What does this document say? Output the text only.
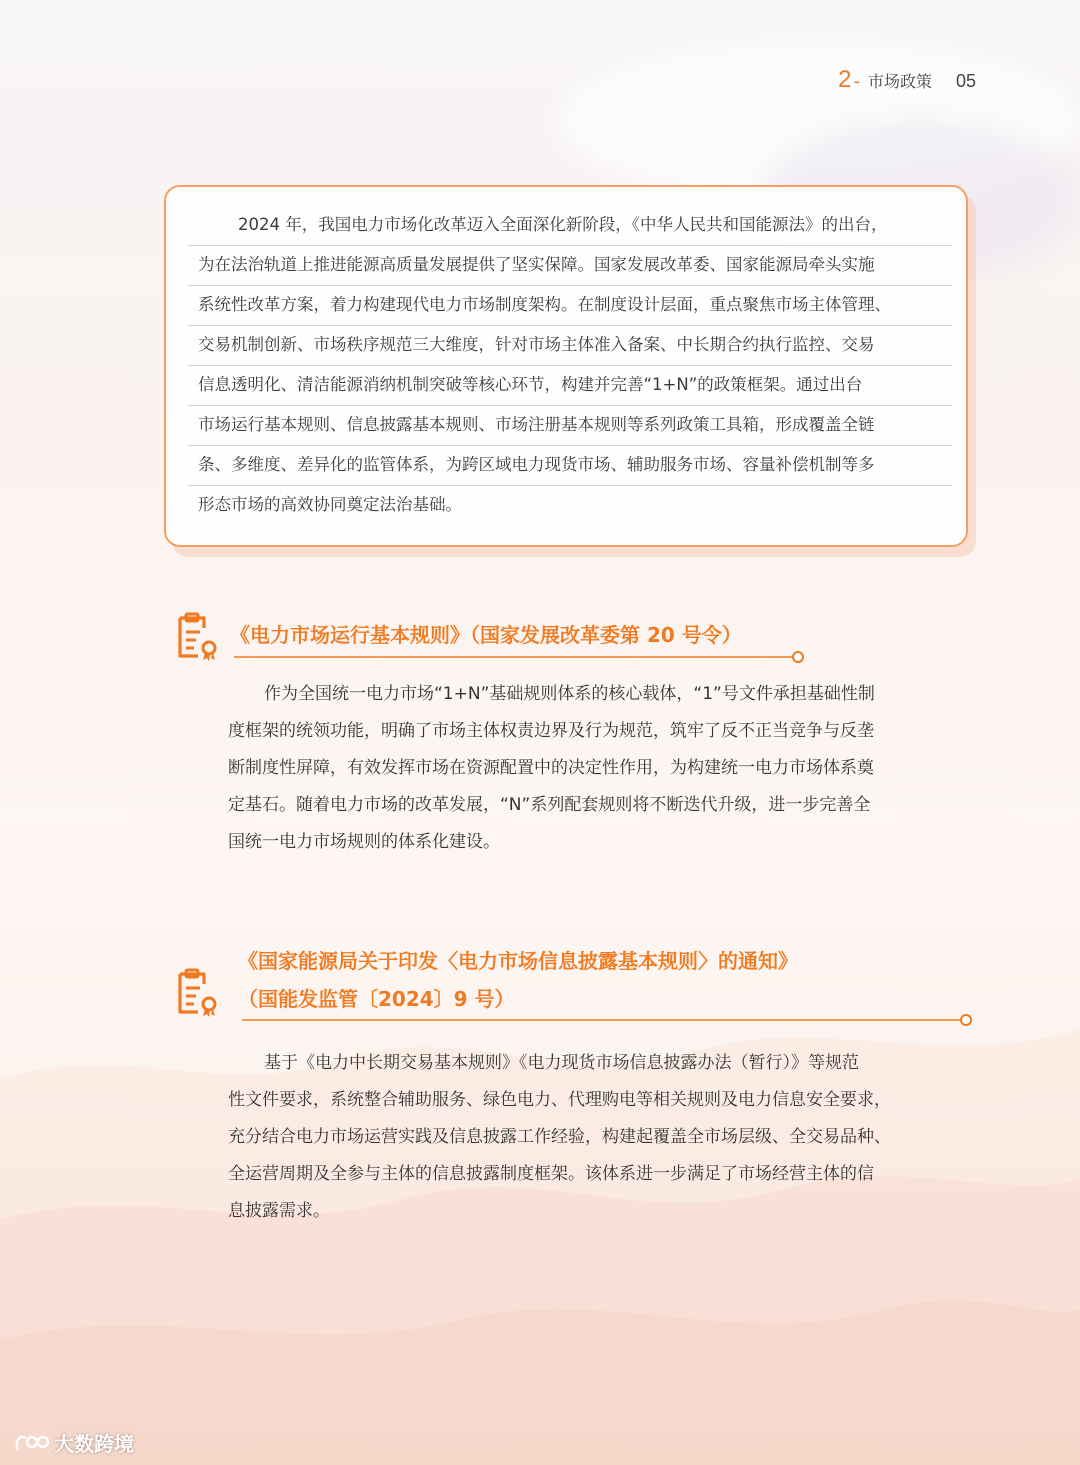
2 - 市场政策 05
2024 年，我国电力市场化改革迈入全面深化新阶段，《中华人民共和国能源法》的出台，
为在法治轨道上推进能源高质量发展提供了坚实保障。国家发展改革委、国家能源局牵头实施
系统性改革方案，着力构建现代电力市场制度架构。在制度设计层面，重点聚焦市场主体管理、
交易机制创新、市场秩序规范三大维度，针对市场主体准入备案、中长期合约执行监控、交易
信息透明化、清洁能源消纳机制突破等核心环节，构建并完善“1+N”的政策框架。通过出台
市场运行基本规则、信息披露基本规则、市场注册基本规则等系列政策工具箱，形成覆盖全链
条、多维度、差异化的监管体系，为跨区域电力现货市场、辅助服务市场、容量补偿机制等多
形态市场的高效协同奠定法治基础。
《电力市场运行基本规则》（国家发展改革委第 20 号令）
作为全国统一电力市场“1+N”基础规则体系的核心载体，“1”号文件承担基础性制
度框架的统领功能，明确了市场主体权责边界及行为规范，筑牢了反不正当竞争与反垄
断制度性屏障，有效发挥市场在资源配置中的决定性作用，为构建统一电力市场体系奠
定基石。随着电力市场的改革发展，“N”系列配套规则将不断迭代升级，进一步完善全
国统一电力市场规则的体系化建设。
《国家能源局关于印发〈电力市场信息披露基本规则〉的通知》
（国能发监管〔2024〕9 号）
基于《电力中长期交易基本规则》《电力现货市场信息披露办法（暂行）》等规范
性文件要求，系统整合辅助服务、绿色电力、代理购电等相关规则及电力信息安全要求，
充分结合电力市场运营实践及信息披露工作经验，构建起覆盖全市场层级、全交易品种、
全运营周期及全参与主体的信息披露制度框架。该体系进一步满足了市场经营主体的信
息披露需求。
大数跨境
